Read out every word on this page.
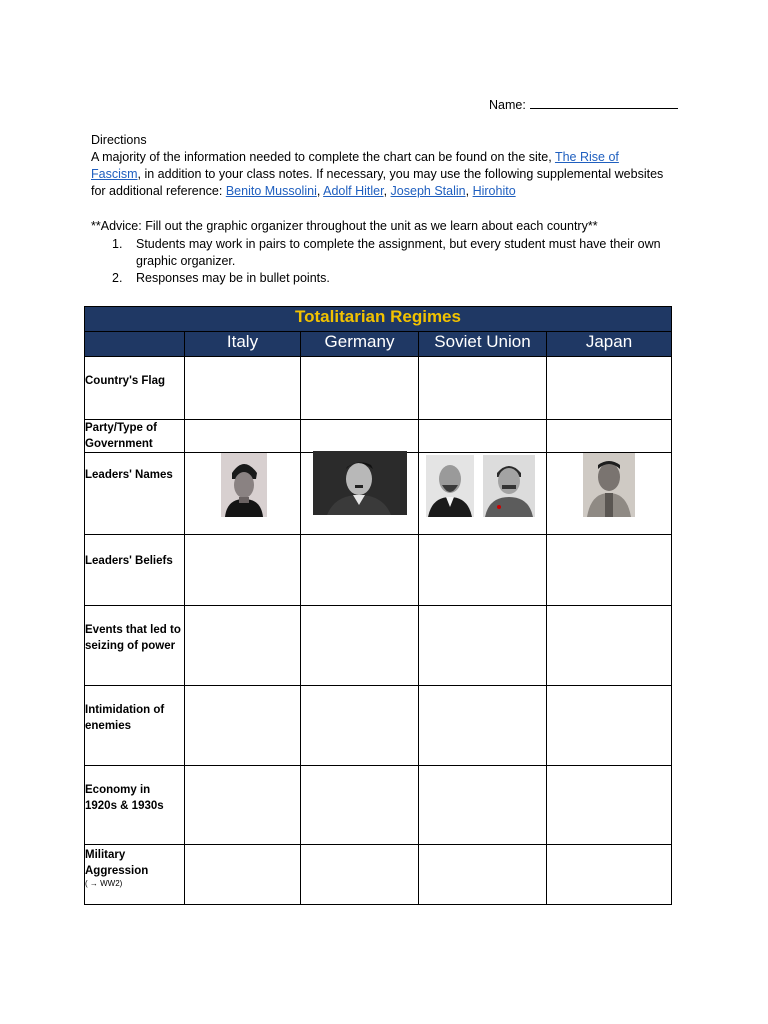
Name:
Directions
A majority of the information needed to complete the chart can be found on the site, The Rise of
Fascism, in addition to your class notes. If necessary, you may use the following supplemental websites
for additional reference: Benito Mussolini, Adolf Hitler, Joseph Stalin, Hirohito
**Advice: Fill out the graphic organizer throughout the unit as we learn about each country**
1. Students may work in pairs to complete the assignment, but every student must have their own
graphic organizer.
2. Responses may be in bullet points.
Totalitarian Regimes				
	Italy	Germany	Soviet Union	Japan
Country's Flag				
Party/Type of Government				
Leaders' Names	

Leaders' Beliefs				
Events that led to seizing of power				
Intimidation of enemies				
Economy in 1920s & 1930s				
Military Aggression
( → WW2)				
